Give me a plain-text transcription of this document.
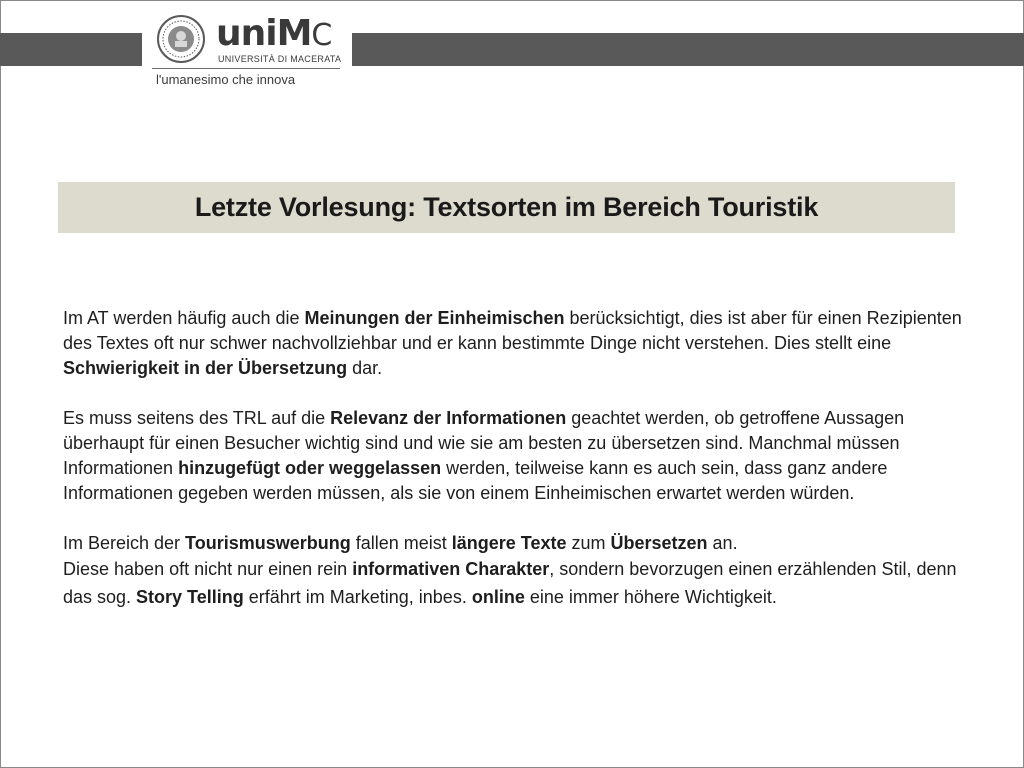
uniMC
UNIVERSITÀ DI MACERATA
l'umanesimo che innova
Letzte Vorlesung: Textsorten im Bereich Touristik

Im AT werden häufig auch die Meinungen der Einheimischen berücksichtigt, dies ist aber für einen Rezipienten des Textes oft nur schwer nachvollziehbar und er kann bestimmte Dinge nicht verstehen. Dies stellt eine Schwierigkeit in der Übersetzung dar.

Es muss seitens des TRL auf die Relevanz der Informationen geachtet werden, ob getroffene Aussagen überhaupt für einen Besucher wichtig sind und wie sie am besten zu übersetzen sind. Manchmal müssen Informationen hinzugefügt oder weggelassen werden, teilweise kann es auch sein, dass ganz andere Informationen gegeben werden müssen, als sie von einem Einheimischen erwartet werden würden.

Im Bereich der Tourismuswerbung fallen meist längere Texte zum Übersetzen an.

Diese haben oft nicht nur einen rein informativen Charakter, sondern bevorzugen einen erzählenden Stil, denn das sog. Story Telling erfährt im Marketing, inbes. online eine immer höhere Wichtigkeit.
